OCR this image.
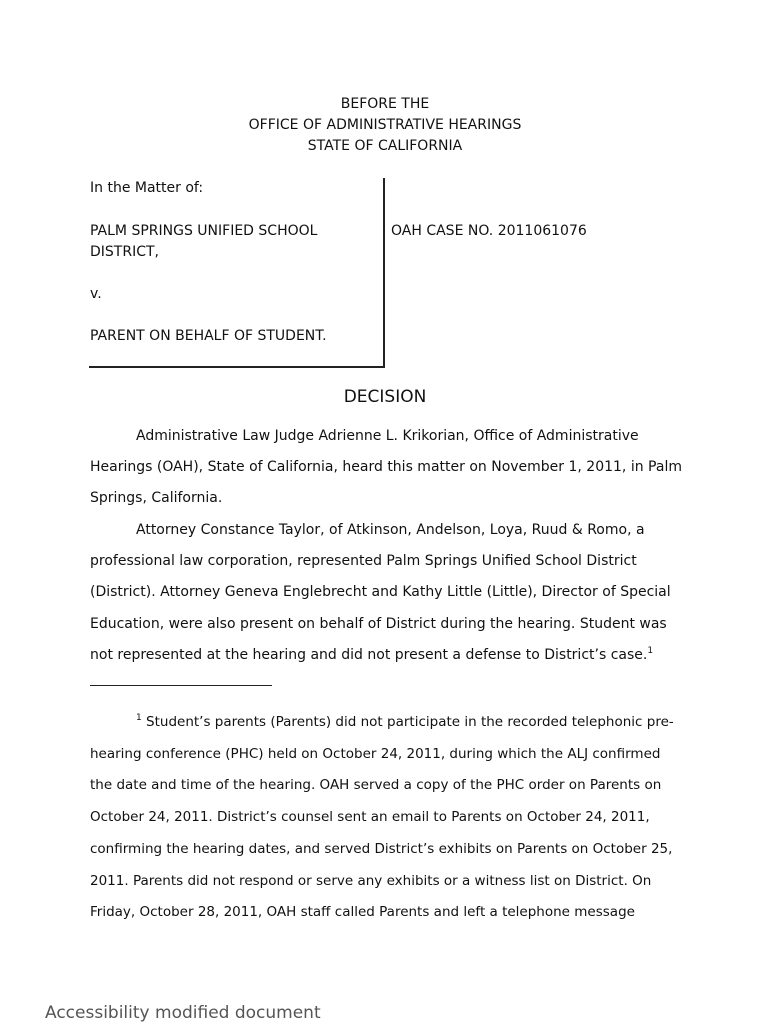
BEFORE THE
OFFICE OF ADMINISTRATIVE HEARINGS
STATE OF CALIFORNIA
In the Matter of:
PALM SPRINGS UNIFIED SCHOOL
DISTRICT,
v.
PARENT ON BEHALF OF STUDENT.
OAH CASE NO. 2011061076
DECISION

Administrative Law Judge Adrienne L. Krikorian, Office of Administrative Hearings (OAH), State of California, heard this matter on November 1, 2011, in Palm Springs, California.

Attorney Constance Taylor, of Atkinson, Andelson, Loya, Ruud & Romo, a professional law corporation, represented Palm Springs Unified School District (District). Attorney Geneva Englebrecht and Kathy Little (Little), Director of Special Education, were also present on behalf of District during the hearing. Student was not represented at the hearing and did not present a defense to District’s case.$^1$

$^1$ Student’s parents (Parents) did not participate in the recorded telephonic pre-hearing conference (PHC) held on October 24, 2011, during which the ALJ confirmed the date and time of the hearing. OAH served a copy of the PHC order on Parents on October 24, 2011. District’s counsel sent an email to Parents on October 24, 2011, confirming the hearing dates, and served District’s exhibits on Parents on October 25, 2011. Parents did not respond or serve any exhibits or a witness list on District. On Friday, October 28, 2011, OAH staff called Parents and left a telephone message

Accessibility modified document
